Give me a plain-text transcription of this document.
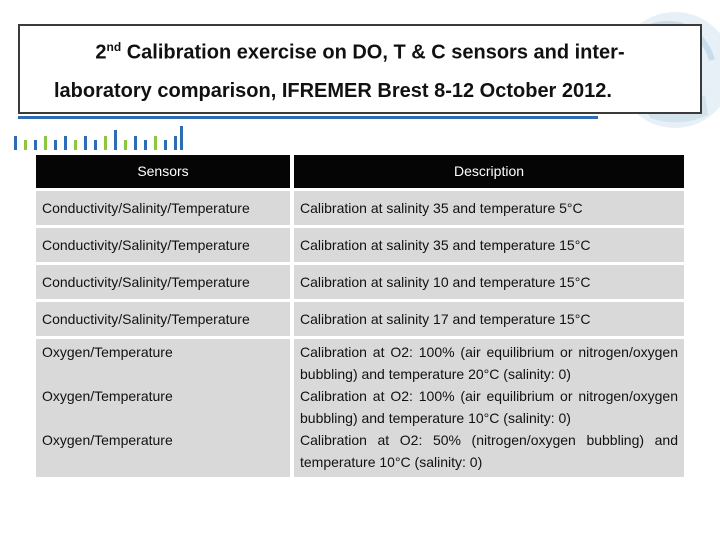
2nd Calibration exercise on DO, T & C sensors and inter-
laboratory comparison, IFREMER Brest 8-12 October 2012.
Sensors	Description
Conductivity/Salinity/Temperature	Calibration at salinity 35 and temperature 5°C
Conductivity/Salinity/Temperature	Calibration at salinity 35 and temperature 15°C
Conductivity/Salinity/Temperature	Calibration at salinity 10 and temperature 15°C
Conductivity/Salinity/Temperature	Calibration at salinity 17 and temperature 15°C
Oxygen/Temperature	Calibration at O2: 100% (air equilibrium or nitrogen/oxygen bubbling) and temperature 20°C (salinity: 0)
Oxygen/Temperature	Calibration at O2: 100% (air equilibrium or nitrogen/oxygen bubbling) and temperature 10°C (salinity: 0)
Oxygen/Temperature	Calibration at O2: 50% (nitrogen/oxygen bubbling) and temperature 10°C (salinity: 0)
